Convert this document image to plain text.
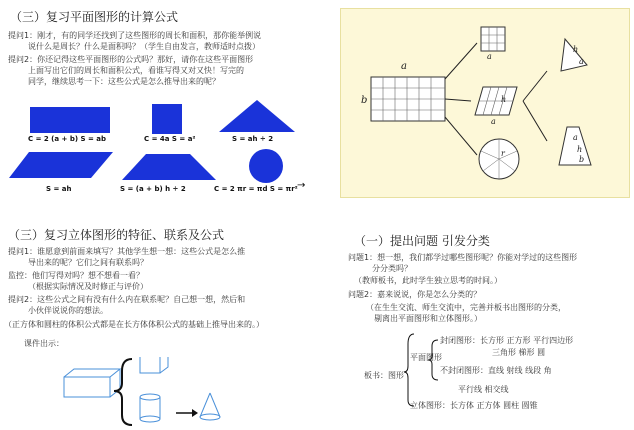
（三）复习平面图形的计算公式
提问1：刚才，有的同学还找到了这些图形的周长和面积，那你能举例说
说什么是周长？什么是面积吗？（学生自由发言，教师适时点拨）
提问2：你还记得这些平面图形的公式吗？那好，请你在这些平面图形
上面写出它们的周长和面积公式，看谁写得又对又快！写完的
同学，继续思考一下：这些公式是怎么推导出来的呢？
C = 2 (a + b) S = ab	C = 4a S = a²	S = ah ÷ 2
S = ah	S = (a + b) h ÷ 2	C = 2 πr = πd S = πr² →
a
b
a
h
a
r
h
a
a
h
b
（三）复习立体图形的特征、联系及公式
提问1：谁愿意到前面来填写？其他学生想一想：这些公式是怎么推
导出来的呢？它们之间有联系吗？
监控：他们写得对吗？想不想看一看？
（根据实际情况及时修正与评价）
提问2：这些公式之间有没有什么内在联系呢？自己想一想，然后和
小伙伴说说你的想法。
（正方体和圆柱的体积公式都是在长方体体积公式的基础上推导出来的。）
课件出示：
（一）提出问题 引发分类
问题1：想一想，我们都学过哪些图形呢？你能对学过的这些图形
分分类吗？
（教师板书，此时学生独立思考的时间。）
问题2：嘉来说说，你是怎么分类的？
（在生生交流、师生交流中，完善并板书出图形的分类，
剔离出平面图形和立体图形。）
板书：图形
平面图形
封闭图形：长方形 正方形 平行四边形
三角形 梯形 圆
不封闭图形：直线 射线 线段 角
平行线 相交线
立体图形：长方体 正方体 圆柱 圆锥
